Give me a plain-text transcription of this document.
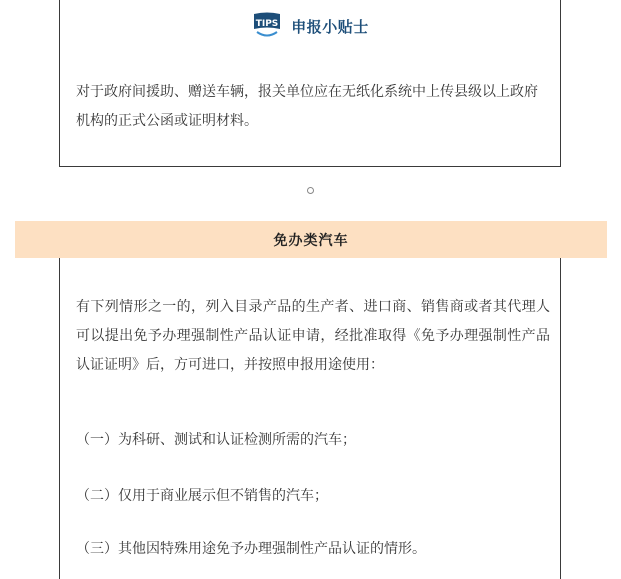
TIPS 申报小贴士
对于政府间援助、赠送车辆，报关单位应在无纸化系统中上传县级以上政府机构的正式公函或证明材料。
免办类汽车
有下列情形之一的，列入目录产品的生产者、进口商、销售商或者其代理人可以提出免予办理强制性产品认证申请，经批准取得《免予办理强制性产品认证证明》后，方可进口，并按照申报用途使用：
（一）为科研、测试和认证检测所需的汽车；
（二）仅用于商业展示但不销售的汽车；
（三）其他因特殊用途免予办理强制性产品认证的情形。
